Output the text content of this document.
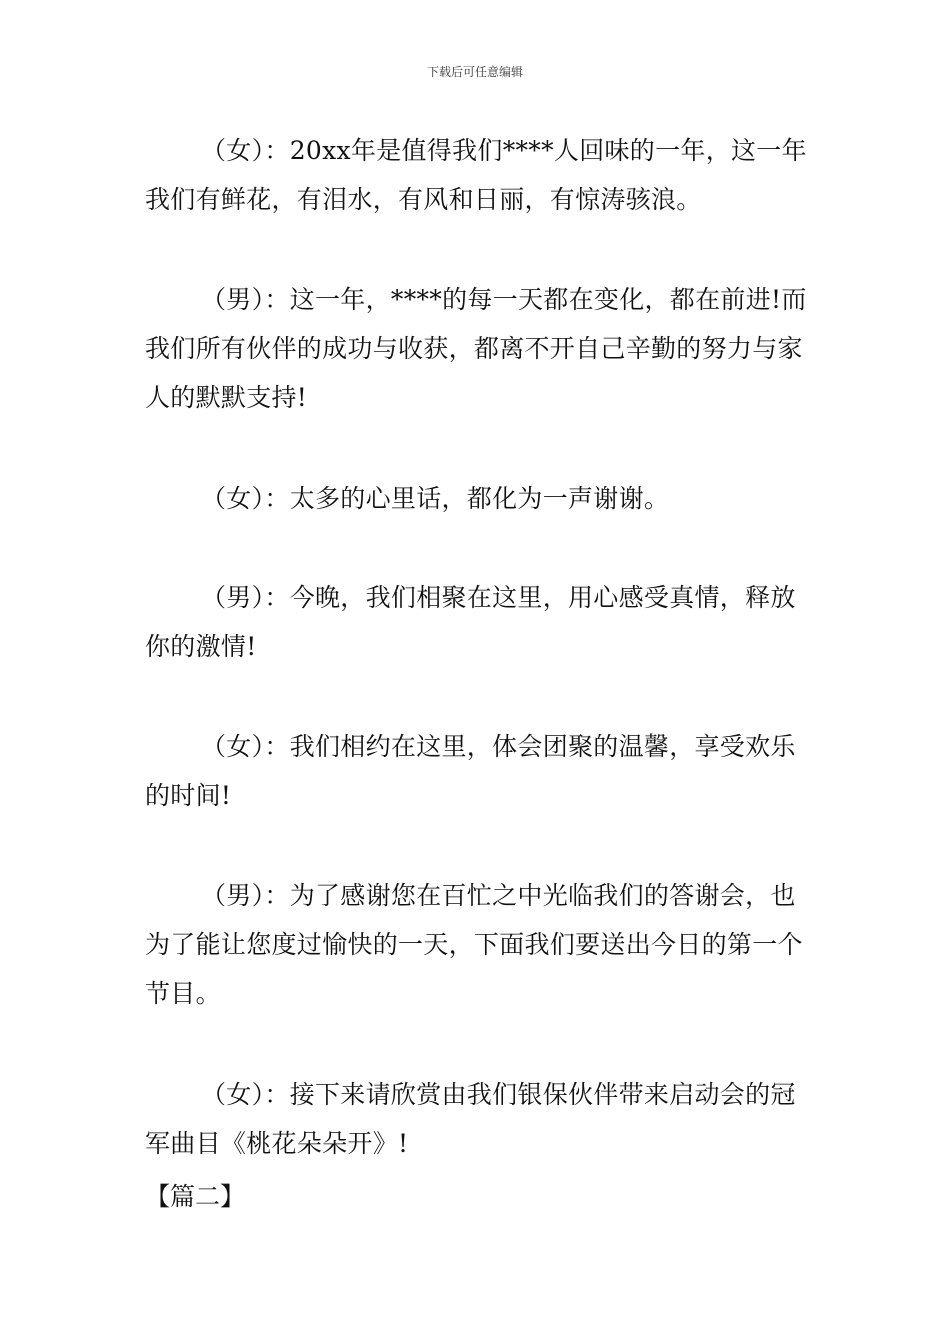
下载后可任意编辑

（女）：20xx年是值得我们****人回味的一年，这一年我们有鲜花，有泪水，有风和日丽，有惊涛骇浪。

（男）：这一年，****的每一天都在变化，都在前进!而我们所有伙伴的成功与收获，都离不开自己辛勤的努力与家人的默默支持!

（女）：太多的心里话，都化为一声谢谢。

（男）：今晚，我们相聚在这里，用心感受真情，释放你的激情!

（女）：我们相约在这里，体会团聚的温馨，享受欢乐的时间!

（男）：为了感谢您在百忙之中光临我们的答谢会，也为了能让您度过愉快的一天，下面我们要送出今日的第一个节目。

（女）：接下来请欣赏由我们银保伙伴带来启动会的冠军曲目《桃花朵朵开》!

【篇二】
